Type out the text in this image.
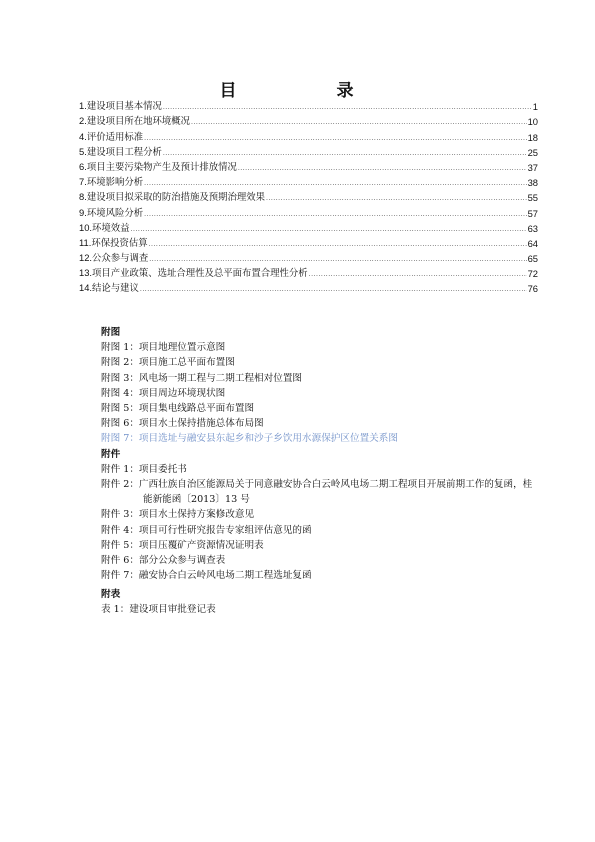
目　　录
1.建设项目基本情况 .....	1
2.建设项目所在地环境概况 .....	10
4.评价适用标准 .....	18
5.建设项目工程分析 .....	25
6.项目主要污染物产生及预计排放情况 .....	37
7.环境影响分析 .....	38
8.建设项目拟采取的防治措施及预期治理效果 .....	55
9.环境风险分析 .....	57
10.环境效益 .....	63
11.环保投资估算 .....	64
12.公众参与调查 .....	65
13.项目产业政策、选址合理性及总平面布置合理性分析 .....	72
14.结论与建议 .....	76
附图
附图 1：项目地理位置示意图
附图 2：项目施工总平面布置图
附图 3：风电场一期工程与二期工程相对位置图
附图 4：项目周边环境现状图
附图 5：项目集电线路总平面布置图
附图 6：项目水土保持措施总体布局图
附图 7：项目选址与融安县东起乡和沙子乡饮用水源保护区位置关系图
附件
附件 1：项目委托书
附件 2：广西壮族自治区能源局关于同意融安协合白云岭风电场二期工程项目开展前期工作的复函，桂能新能函〔2013〕13 号
附件 3：项目水土保持方案修改意见
附件 4：项目可行性研究报告专家组评估意见的函
附件 5：项目压覆矿产资源情况证明表
附件 6：部分公众参与调查表
附件 7：融安协合白云岭风电场二期工程选址复函
附表
表 1：建设项目审批登记表
